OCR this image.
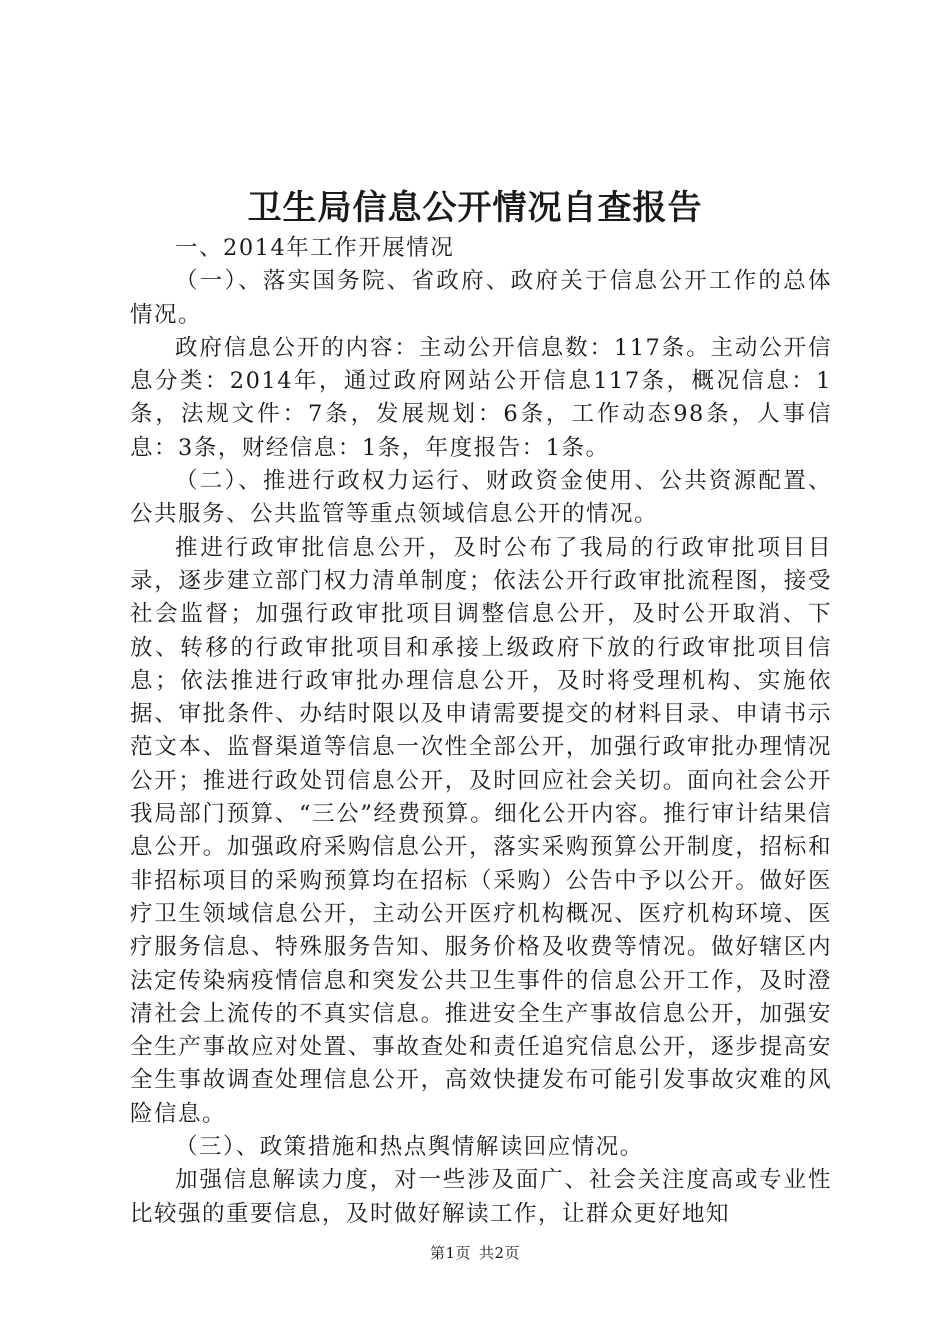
卫生局信息公开情况自查报告

一、2014年工作开展情况

（一）、落实国务院、省政府、政府关于信息公开工作的总体情况。

政府信息公开的内容：主动公开信息数：117条。主动公开信息分类：2014年，通过政府网站公开信息117条，概况信息：1条，法规文件：7条，发展规划：6条，工作动态98条，人事信息：3条，财经信息：1条，年度报告：1条。

（二）、推进行政权力运行、财政资金使用、公共资源配置、公共服务、公共监管等重点领域信息公开的情况。

推进行政审批信息公开，及时公布了我局的行政审批项目目录，逐步建立部门权力清单制度；依法公开行政审批流程图，接受社会监督；加强行政审批项目调整信息公开，及时公开取消、下放、转移的行政审批项目和承接上级政府下放的行政审批项目信息；依法推进行政审批办理信息公开，及时将受理机构、实施依据、审批条件、办结时限以及申请需要提交的材料目录、申请书示范文本、监督渠道等信息一次性全部公开，加强行政审批办理情况公开；推进行政处罚信息公开，及时回应社会关切。面向社会公开我局部门预算、“三公”经费预算。细化公开内容。推行审计结果信息公开。加强政府采购信息公开，落实采购预算公开制度，招标和非招标项目的采购预算均在招标（采购）公告中予以公开。做好医疗卫生领域信息公开，主动公开医疗机构概况、医疗机构环境、医疗服务信息、特殊服务告知、服务价格及收费等情况。做好辖区内法定传染病疫情信息和突发公共卫生事件的信息公开工作，及时澄清社会上流传的不真实信息。推进安全生产事故信息公开，加强安全生产事故应对处置、事故查处和责任追究信息公开，逐步提高安全生事故调查处理信息公开，高效快捷发布可能引发事故灾难的风险信息。

（三）、政策措施和热点舆情解读回应情况。

加强信息解读力度，对一些涉及面广、社会关注度高或专业性比较强的重要信息，及时做好解读工作，让群众更好地知

第1页 共2页
